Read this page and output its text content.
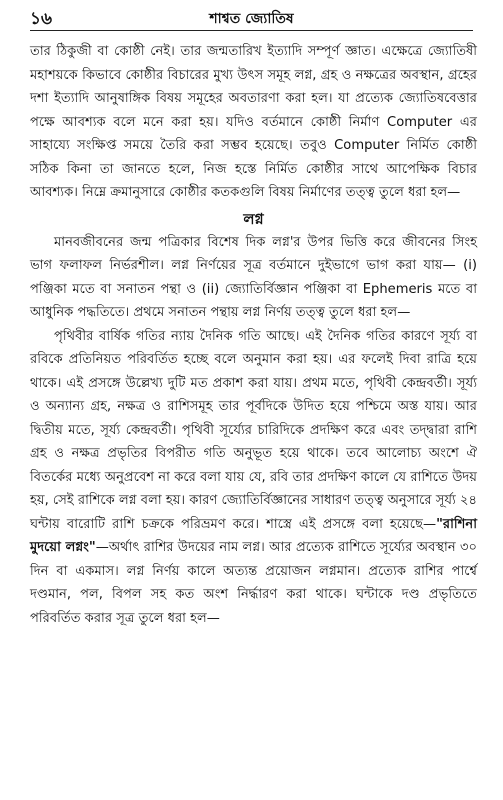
১৬	শাশ্বত জ্যোতিষ

তার ঠিকুজী বা কোষ্ঠী নেই। তার জন্মতারিখ ইত্যাদি সম্পূর্ণ জ্ঞাত। এক্ষেত্রে জ্যোতিষী মহাশয়কে কিভাবে কোষ্ঠীর বিচারের মুখ্য উৎস সমূহ লগ্ন, গ্রহ ও নক্ষত্রের অবস্থান, গ্রহের দশা ইত্যাদি আনুষাঙ্গিক বিষয় সমূহের অবতারণা করা হল। যা প্রত্যেক জ্যোতিষবেত্তার পক্ষে আবশ্যক বলে মনে করা হয়। যদিও বর্তমানে কোষ্ঠী নির্মাণ Computer এর সাহায্যে সংক্ষিপ্ত সময়ে তৈরি করা সম্ভব হয়েছে। তবুও Computer নির্মিত কোষ্ঠী সঠিক কিনা তা জানতে হলে, নিজ হস্তে নির্মিত কোষ্ঠীর সাথে আপেক্ষিক বিচার আবশ্যক। নিম্নে ক্রমানুসারে কোষ্ঠীর কতকগুলি বিষয় নির্মাণের তত্ত্ব তুলে ধরা হল—

লগ্ন

মানবজীবনের জন্ম পত্রিকার বিশেষ দিক লগ্ন'র উপর ভিত্তি করে জীবনের সিংহ ভাগ ফলাফল নির্ভরশীল। লগ্ন নির্ণয়ের সূত্র বর্তমানে দুইভাগে ভাগ করা যায়— (i) পঞ্জিকা মতে বা সনাতন পন্থা ও (ii) জ্যোতির্বিজ্ঞান পঞ্জিকা বা Ephemeris মতে বা আধুনিক পদ্ধতিতে। প্রথমে সনাতন পন্থায় লগ্ন নির্ণয় তত্ত্ব তুলে ধরা হল—

পৃথিবীর বার্ষিক গতির ন্যায় দৈনিক গতি আছে। এই দৈনিক গতির কারণে সূর্য্য বা রবিকে প্রতিনিয়ত পরিবর্তিত হচ্ছে বলে অনুমান করা হয়। এর ফলেই দিবা রাত্রি হয়ে থাকে। এই প্রসঙ্গে উল্লেখ্য দুটি মত প্রকাশ করা যায়। প্রথম মতে, পৃথিবী কেন্দ্রবর্তী। সূর্য্য ও অন্যান্য গ্রহ, নক্ষত্র ও রাশিসমূহ তার পূর্বদিকে উদিত হয়ে পশ্চিমে অস্ত যায়। আর দ্বিতীয় মতে, সূর্য্য কেন্দ্রবর্তী। পৃথিবী সূর্য্যের চারিদিকে প্রদক্ষিণ করে এবং তদ্দ্বারা রাশি গ্রহ ও নক্ষত্র প্রভৃতির বিপরীত গতি অনুভূত হয়ে থাকে। তবে আলোচ্য অংশে ঐ বিতর্কের মধ্যে অনুপ্রবেশ না করে বলা যায় যে, রবি তার প্রদক্ষিণ কালে যে রাশিতে উদয় হয়, সেই রাশিকে লগ্ন বলা হয়। কারণ জ্যোতির্বিজ্ঞানের সাধারণ তত্ত্ব অনুসারে সূর্য্য ২৪ ঘন্টায় বারোটি রাশি চক্রকে পরিভ্রমণ করে। শাস্ত্রে এই প্রসঙ্গে বলা হয়েছে—"রাশিনা মুদয়ো লগ্নং"—অর্থাৎ রাশির উদয়ের নাম লগ্ন। আর প্রত্যেক রাশিতে সূর্য্যের অবস্থান ৩০ দিন বা একমাস। লগ্ন নির্ণয় কালে অত্যন্ত প্রয়োজন লগ্নমান। প্রত্যেক রাশির পার্শ্বে দণ্ডমান, পল, বিপল সহ কত অংশ নির্দ্ধারণ করা থাকে। ঘন্টাকে দণ্ড প্রভৃতিতে পরিবর্তিত করার সূত্র তুলে ধরা হল—
